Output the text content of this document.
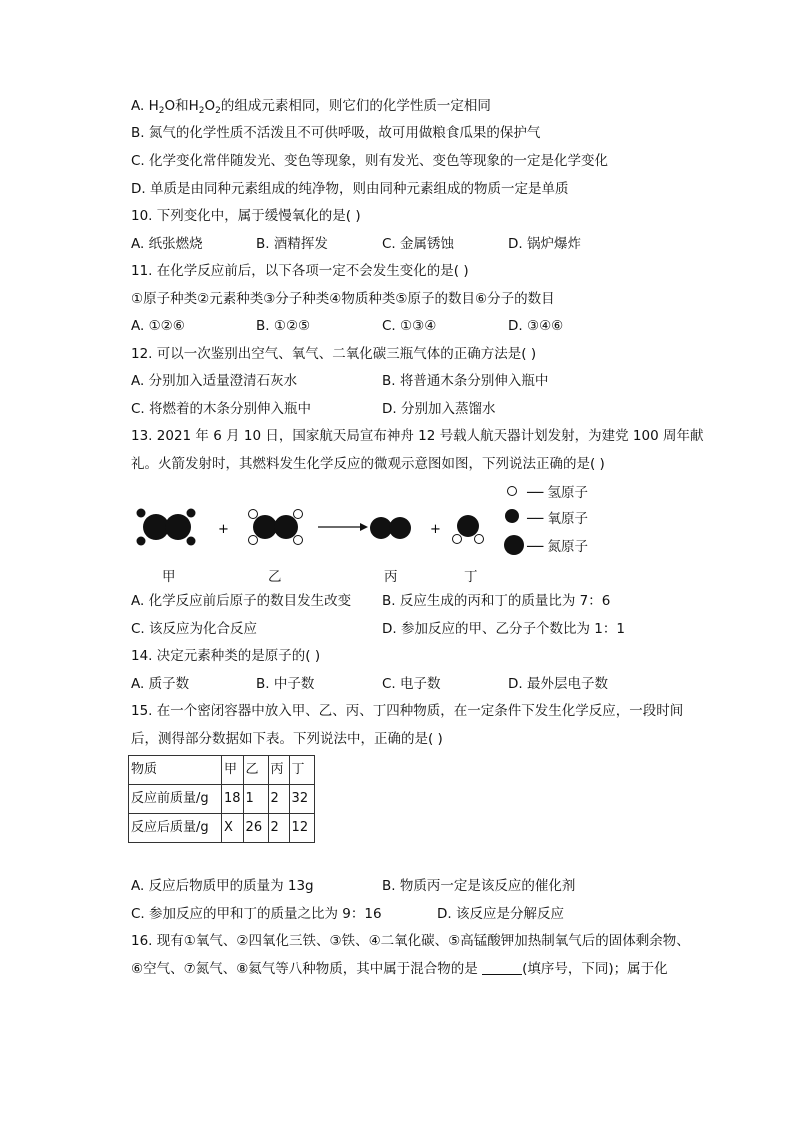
A. $H_2O$和$H_2O_2$的组成元素相同，则它们的化学性质一定相同
B. 氮气的化学性质不活泼且不可供呼吸，故可用做粮食瓜果的保护气
C. 化学变化常伴随发光、变色等现象，则有发光、变色等现象的一定是化学变化
D. 单质是由同种元素组成的纯净物，则由同种元素组成的物质一定是单质
10. 下列变化中，属于缓慢氧化的是( )
A. 纸张燃烧	B. 酒精挥发	C. 金属锈蚀	D. 锅炉爆炸
11. 在化学反应前后，以下各项一定不会发生变化的是( )
①原子种类②元素种类③分子种类④物质种类⑤原子的数目⑥分子的数目
A. ①②⑥	B. ①②⑤	C. ①③④	D. ③④⑥
12. 可以一次鉴别出空气、氧气、二氧化碳三瓶气体的正确方法是( )
A. 分别加入适量澄清石灰水	B. 将普通木条分别伸入瓶中
C. 将燃着的木条分别伸入瓶中	D. 分别加入蒸馏水
13. 2021 年 6 月 10 日，国家航天局宣布神舟 12 号载人航天器计划发射，为建党 100 周年献
礼。火箭发射时，其燃料发生化学反应的微观示意图如图，下列说法正确的是( )
+	+
── 氢原子
── 氧原子
── 氮原子
甲	乙	丙	丁
A. 化学反应前后原子的数目发生改变 B. 反应生成的丙和丁的质量比为 7：6
C. 该反应为化合反应	D. 参加反应的甲、乙分子个数比为 1：1
14. 决定元素种类的是原子的( )
A. 质子数	B. 中子数	C. 电子数	D. 最外层电子数
15. 在一个密闭容器中放入甲、乙、丙、丁四种物质，在一定条件下发生化学反应，一段时间
后，测得部分数据如下表。下列说法中，正确的是( )
物质	甲	乙	丙	丁
反应前质量/g	18	1	2	32
反应后质量/g	X	26	2	12
A. 反应后物质甲的质量为 13g	B. 物质丙一定是该反应的催化剂
C. 参加反应的甲和丁的质量之比为 9：16	D. 该反应是分解反应
16. 现有①氧气、②四氧化三铁、③铁、④二氧化碳、⑤高锰酸钾加热制氧气后的固体剩余物、
⑥空气、⑦氮气、⑧氦气等八种物质，其中属于混合物的是	(填序号，下同)；属于化
